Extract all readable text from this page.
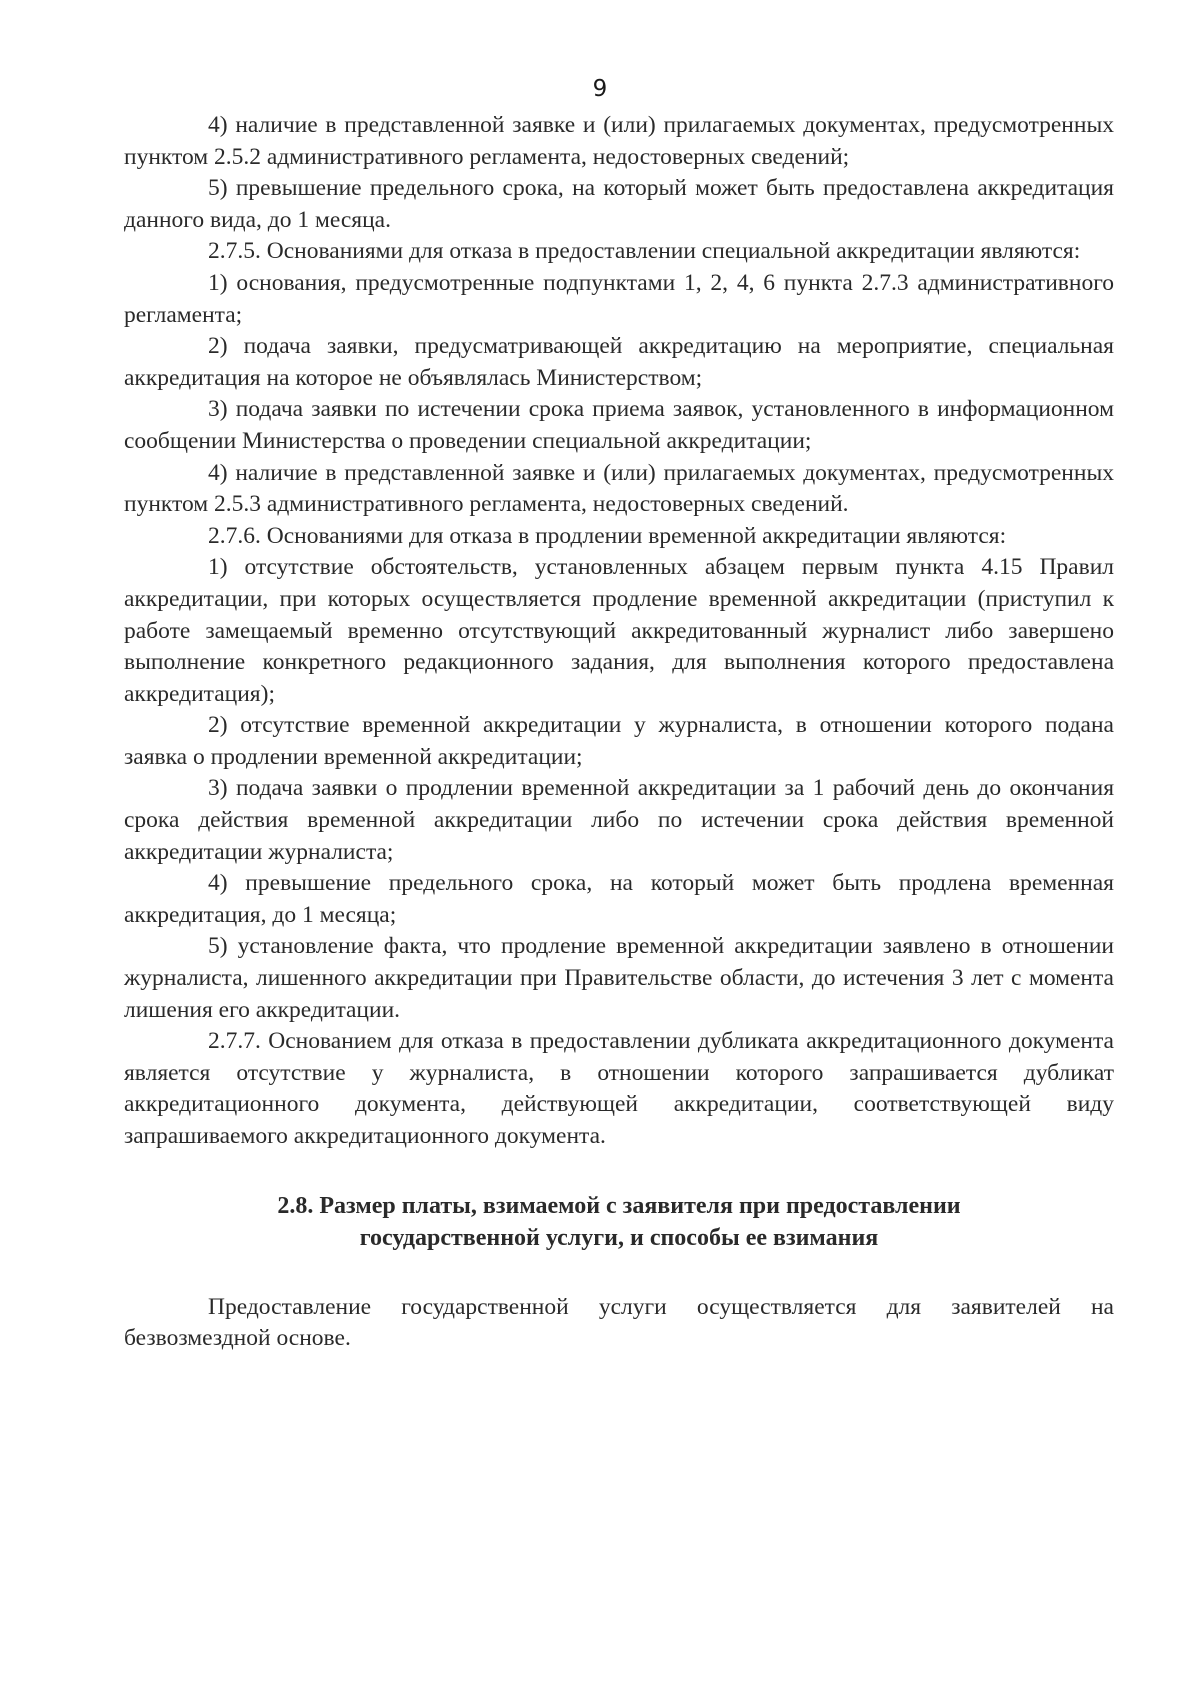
9

4) наличие в представленной заявке и (или) прилагаемых документах, предусмотренных пунктом 2.5.2 административного регламента, недостоверных сведений;

5) превышение предельного срока, на который может быть предоставлена аккредитация данного вида, до 1 месяца.

2.7.5. Основаниями для отказа в предоставлении специальной аккредитации являются:

1) основания, предусмотренные подпунктами 1, 2, 4, 6 пункта 2.7.3 административного регламента;

2) подача заявки, предусматривающей аккредитацию на мероприятие, специальная аккредитация на которое не объявлялась Министерством;

3) подача заявки по истечении срока приема заявок, установленного в информационном сообщении Министерства о проведении специальной аккредитации;

4) наличие в представленной заявке и (или) прилагаемых документах, предусмотренных пунктом 2.5.3 административного регламента, недостоверных сведений.

2.7.6. Основаниями для отказа в продлении временной аккредитации являются:

1) отсутствие обстоятельств, установленных абзацем первым пункта 4.15 Правил аккредитации, при которых осуществляется продление временной аккредитации (приступил к работе замещаемый временно отсутствующий аккредитованный журналист либо завершено выполнение конкретного редакционного задания, для выполнения которого предоставлена аккредитация);

2) отсутствие временной аккредитации у журналиста, в отношении которого подана заявка о продлении временной аккредитации;

3) подача заявки о продлении временной аккредитации за 1 рабочий день до окончания срока действия временной аккредитации либо по истечении срока действия временной аккредитации журналиста;

4) превышение предельного срока, на который может быть продлена временная аккредитация, до 1 месяца;

5) установление факта, что продление временной аккредитации заявлено в отношении журналиста, лишенного аккредитации при Правительстве области, до истечения 3 лет с момента лишения его аккредитации.

2.7.7. Основанием для отказа в предоставлении дубликата аккредитационного документа является отсутствие у журналиста, в отношении которого запрашивается дубликат аккредитационного документа, действующей аккредитации, соответствующей виду запрашиваемого аккредитационного документа.

2.8. Размер платы, взимаемой с заявителя при предоставлении
государственной услуги, и способы ее взимания

Предоставление государственной услуги осуществляется для заявителей на безвозмездной основе.
